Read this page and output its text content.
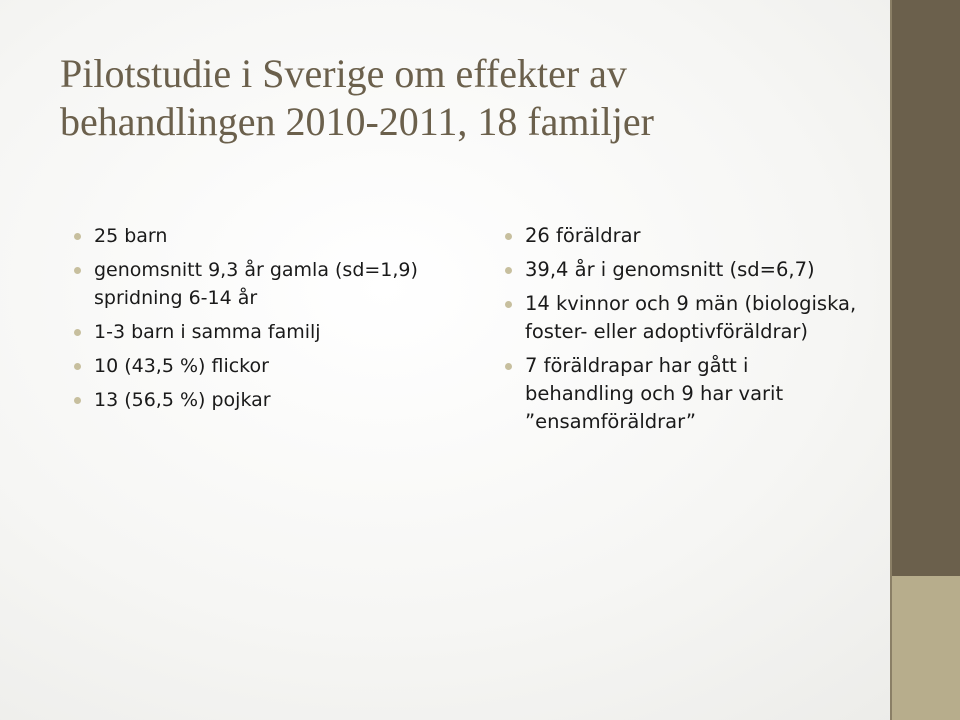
Pilotstudie i Sverige om effekter av
behandlingen 2010-2011, 18 familjer
25 barn
genomsnitt 9,3 år gamla (sd=1,9)
spridning 6-14 år
1-3 barn i samma familj
10 (43,5 %) flickor
13 (56,5 %) pojkar
26 föräldrar
39,4 år i genomsnitt (sd=6,7)
14 kvinnor och 9 män (biologiska,
foster- eller adoptivföräldrar)
7 föräldrapar har gått i
behandling och 9 har varit
”ensamföräldrar”
